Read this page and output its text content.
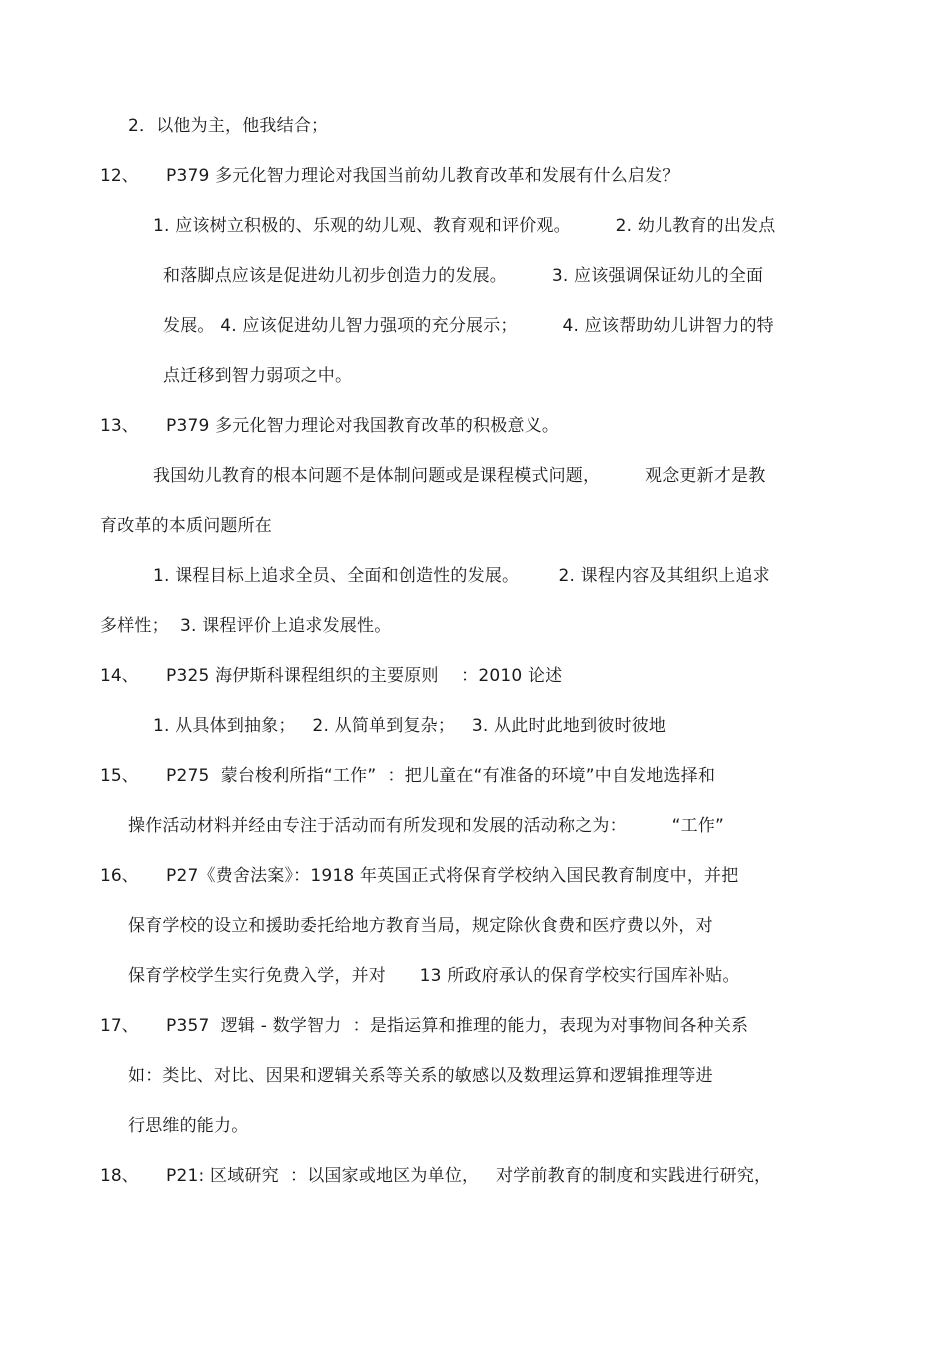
2．以他为主，他我结合；
12、 P379 多元化智力理论对我国当前幼儿教育改革和发展有什么启发？
1. 应该树立积极的、乐观的幼儿观、教育观和评价观。        2. 幼儿教育的出发点
和落脚点应该是促进幼儿初步创造力的发展。        3. 应该强调保证幼儿的全面
发展。 4. 应该促进幼儿智力强项的充分展示；        4. 应该帮助幼儿讲智力的特
点迁移到智力弱项之中。
13、 P379 多元化智力理论对我国教育改革的积极意义。
我国幼儿教育的根本问题不是体制问题或是课程模式问题，        观念更新才是教
育改革的本质问题所在
1. 课程目标上追求全员、全面和创造性的发展。       2. 课程内容及其组织上追求
多样性；  3. 课程评价上追求发展性。
14、 P325 海伊斯科课程组织的主要原则    ：2010 论述
1. 从具体到抽象；   2. 从简单到复杂；   3. 从此时此地到彼时彼地
15、 P275  蒙台梭利所指“工作”  ：把儿童在“有准备的环境”中自发地选择和
操作活动材料并经由专注于活动而有所发现和发展的活动称之为：        “工作”
16、 P27《费舍法案》：1918 年英国正式将保育学校纳入国民教育制度中，并把
保育学校的设立和援助委托给地方教育当局，规定除伙食费和医疗费以外，对
保育学校学生实行免费入学，并对      13 所政府承认的保育学校实行国库补贴。
17、 P357  逻辑 - 数学智力  ：是指运算和推理的能力，表现为对事物间各种关系
如：类比、对比、因果和逻辑关系等关系的敏感以及数理运算和逻辑推理等进
行思维的能力。
18、 P21: 区域研究  ：以国家或地区为单位，   对学前教育的制度和实践进行研究，
